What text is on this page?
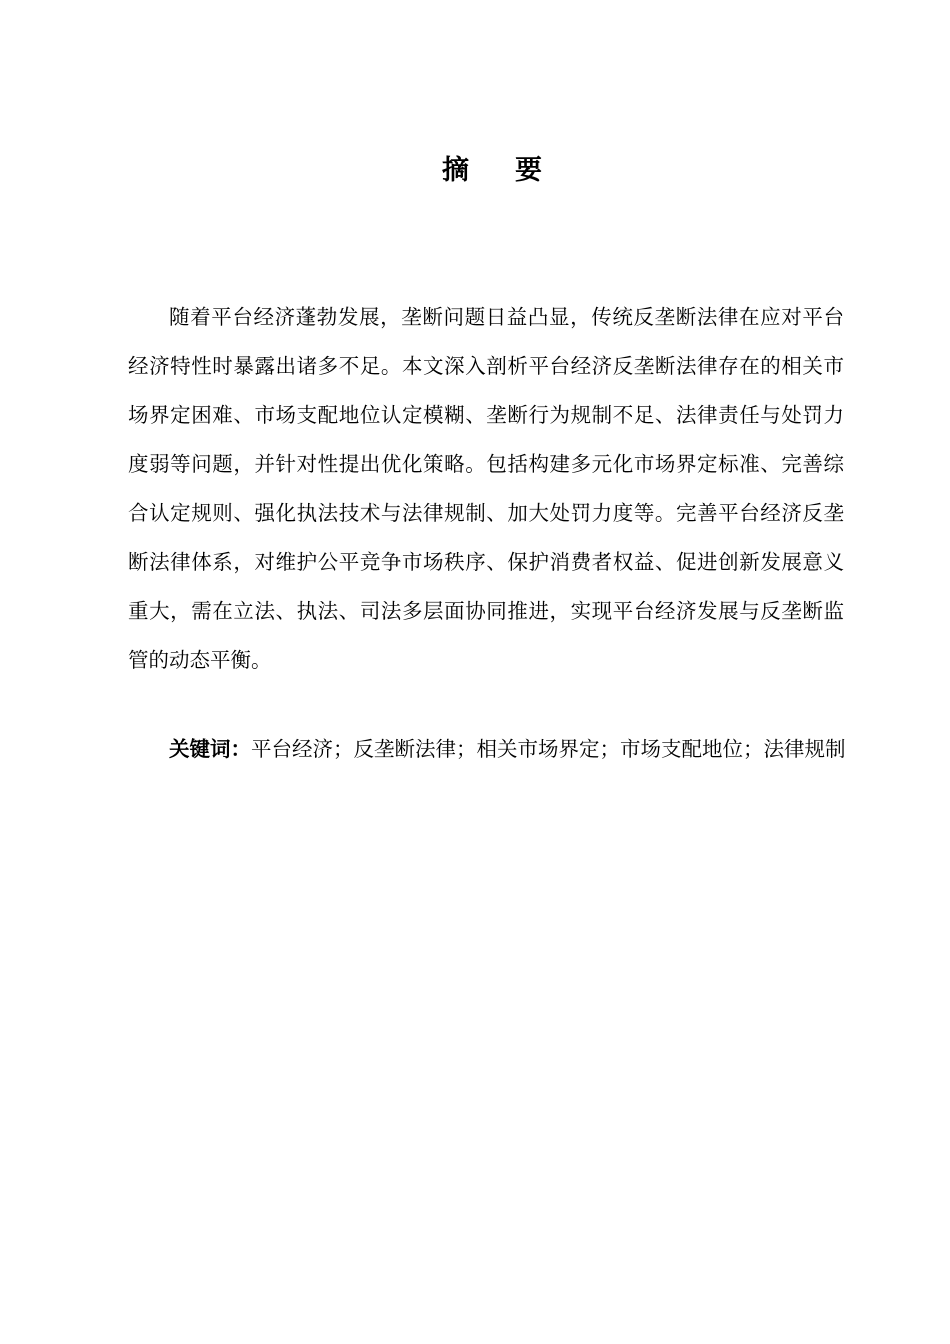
摘 要

随着平台经济蓬勃发展，垄断问题日益凸显，传统反垄断法律在应对平台经济特性时暴露出诸多不足。本文深入剖析平台经济反垄断法律存在的相关市场界定困难、市场支配地位认定模糊、垄断行为规制不足、法律责任与处罚力度弱等问题，并针对性提出优化策略。包括构建多元化市场界定标准、完善综合认定规则、强化执法技术与法律规制、加大处罚力度等。完善平台经济反垄断法律体系，对维护公平竞争市场秩序、保护消费者权益、促进创新发展意义重大，需在立法、执法、司法多层面协同推进，实现平台经济发展与反垄断监管的动态平衡。

关键词：平台经济；反垄断法律；相关市场界定；市场支配地位；法律规制
